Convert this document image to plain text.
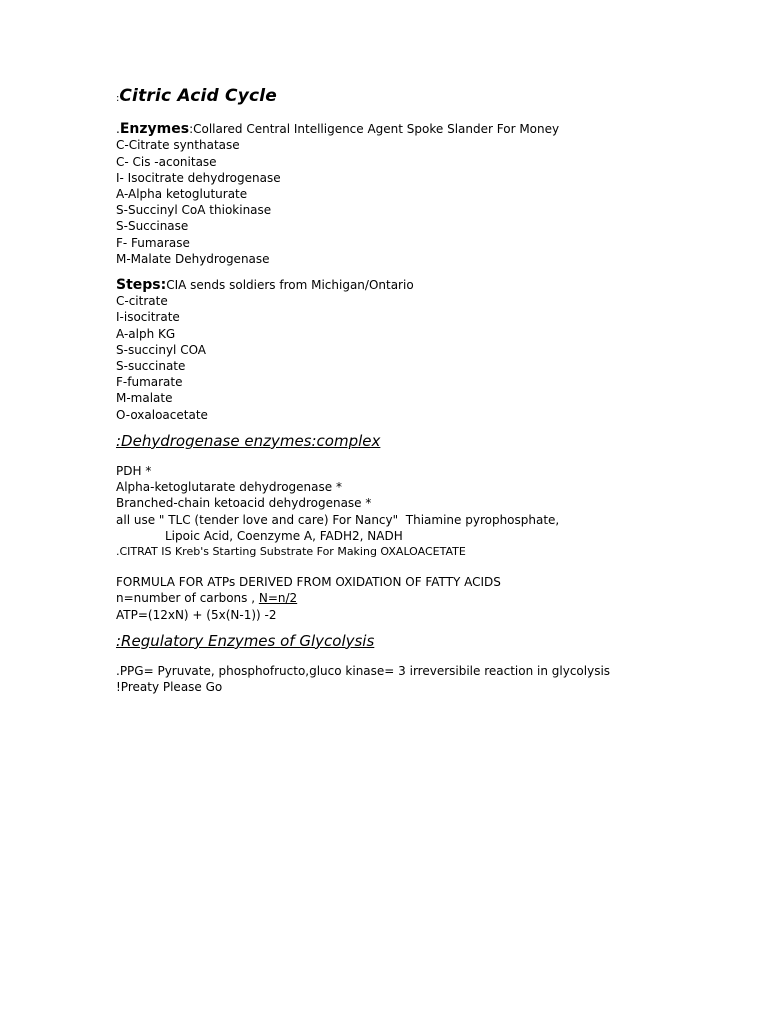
:Citric Acid Cycle
.Enzymes:Collared Central Intelligence Agent Spoke Slander For Money
C-Citrate synthatase
C- Cis -aconitase
I- Isocitrate dehydrogenase
A-Alpha ketogluturate
S-Succinyl CoA thiokinase
S-Succinase
F- Fumarase
M-Malate Dehydrogenase
Steps:CIA sends soldiers from Michigan/Ontario
C-citrate
I-isocitrate
A-alph KG
S-succinyl COA
S-succinate
F-fumarate
M-malate
O-oxaloacetate
:Dehydrogenase enzymes:complex
PDH *
Alpha-ketoglutarate dehydrogenase *
Branched-chain ketoacid dehydrogenase *
all use " TLC (tender love and care) For Nancy"  Thiamine pyrophosphate,
Lipoic Acid, Coenzyme A, FADH2, NADH
.CITRAT IS Kreb's Starting Substrate For Making OXALOACETATE
FORMULA FOR ATPs DERIVED FROM OXIDATION OF FATTY ACIDS
n=number of carbons , N=n/2
ATP=(12xN) + (5x(N-1)) -2
:Regulatory Enzymes of Glycolysis
.PPG= Pyruvate, phosphofructo,gluco kinase= 3 irreversibile reaction in glycolysis
!Preaty Please Go
